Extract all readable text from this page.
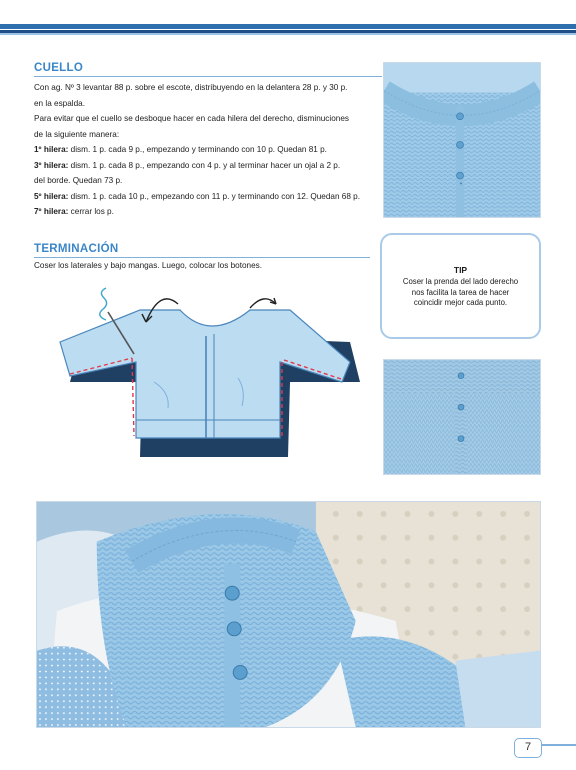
CUELLO

Con ag. Nº 3 levantar 88 p. sobre el escote, distribuyendo en la delantera 28 p. y 30 p.

en la espalda.

Para evitar que el cuello se desboque hacer en cada hilera del derecho, disminuciones

de la siguiente manera:

1º hilera: dism. 1 p. cada 9 p., empezando y terminando con 10 p. Quedan 81 p.

3º hilera: dism. 1 p. cada 8 p., empezando con 4 p. y al terminar hacer un ojal a 2 p.

del borde. Quedan 73 p.

5º hilera: dism. 1 p. cada 10 p., empezando con 11 p. y terminando con 12. Quedan 68 p.

7º hilera: cerrar los p.

TERMINACIÓN
Coser los laterales y bajo mangas. Luego, colocar los botones.	TIP
Coser la prenda del lado derecho
nos facilita la tarea de hacer
coincidir mejor cada punto.
7
